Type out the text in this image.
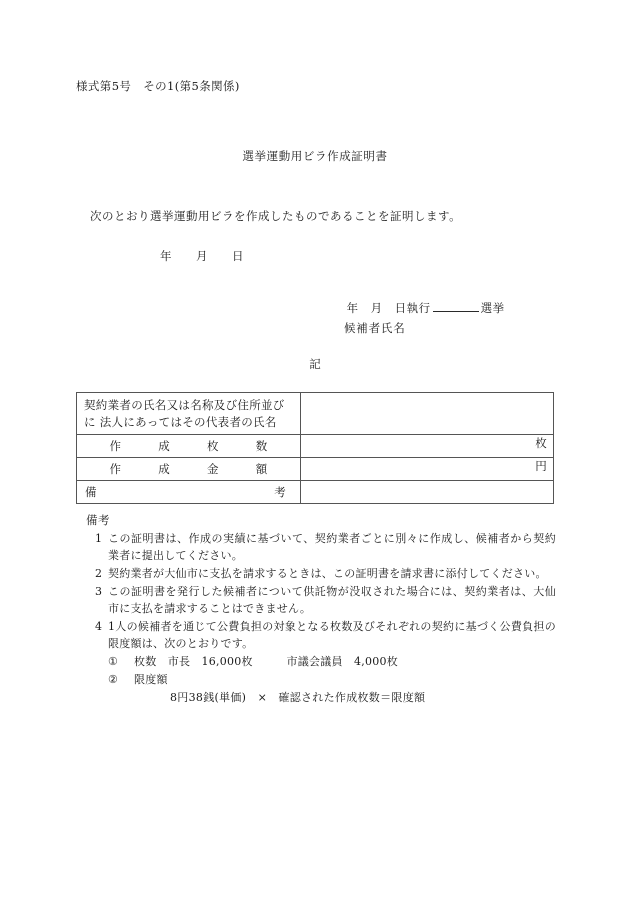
様式第5号　その1(第5条関係)
選挙運動用ビラ作成証明書
次のとおり選挙運動用ビラを作成したものであることを証明します。
年　　月　　日

年　月　日執行	選挙

候補者氏名
記
契約業者の氏名又は名称及び住所並びに 法人にあってはその代表者の氏名	

作 成 枚 数	枚

作 成 金 額	円

備 考	

備考
1 この証明書は、作成の実績に基づいて、契約業者ごとに別々に作成し、候補者から契約業者に提出してください。
2 契約業者が大仙市に支払を請求するときは、この証明書を請求書に添付してください。
3 この証明書を発行した候補者について供託物が没収された場合には、契約業者は、大仙市に支払を請求することはできません。
4 1人の候補者を通じて公費負担の対象となる枚数及びそれぞれの契約に基づく公費負担の限度額は、次のとおりです。
①	枚数　市長　16,000枚　　　市議会議員　4,000枚
②	限度額
8円38銭(単価)　×　確認された作成枚数＝限度額
